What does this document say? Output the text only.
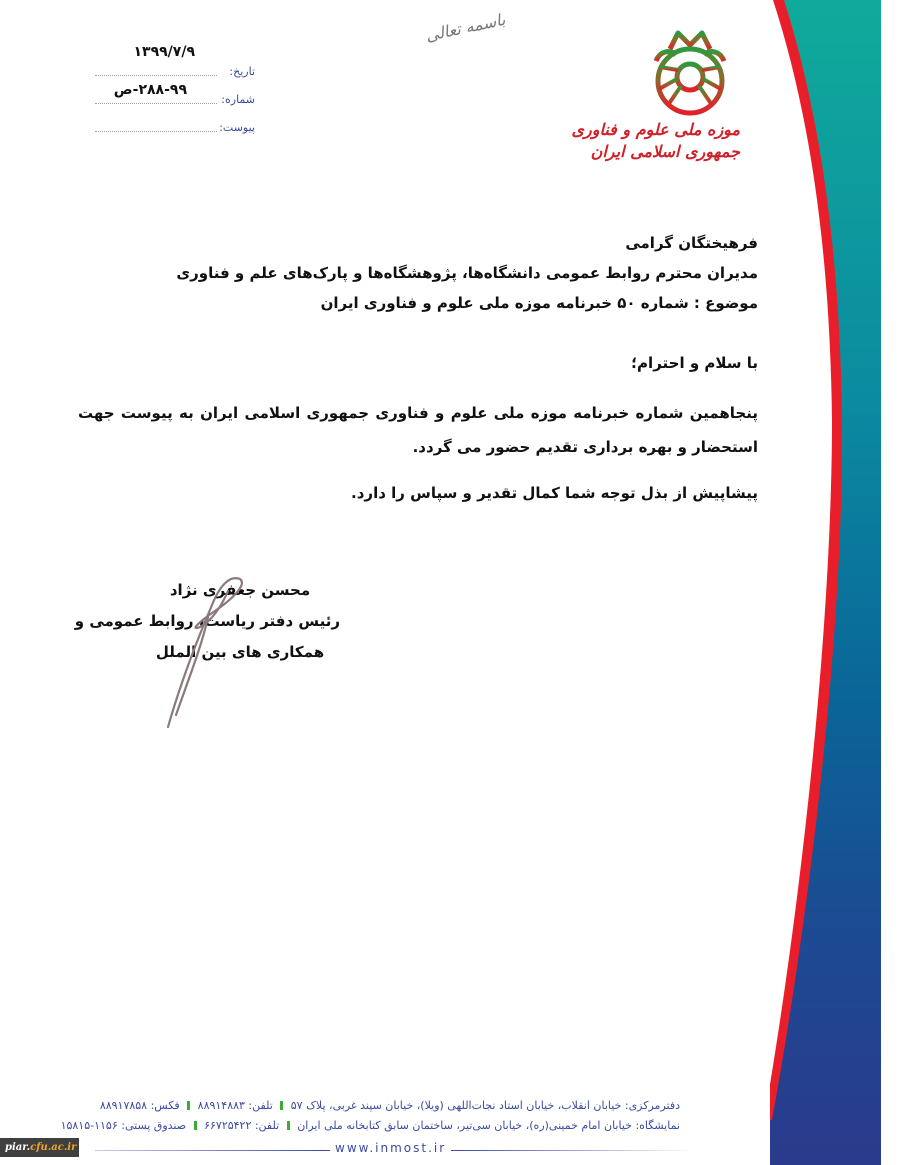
باسمه تعالی
۱۳۹۹/۷/۹
تاریخ:
۲۸۸-۹۹-ص
شماره:
پیوست:	موزه ملی علوم و فناوری
جمهوری اسلامی ایران
فرهیختگان گرامی
مدیران محترم روابط عمومی دانشگاه‌ها، پژوهشگاه‌ها و پارک‌های علم و فناوری
موضوع : شماره ۵۰ خبرنامه موزه ملی علوم و فناوری ایران
با سلام و احترام؛
پنجاهمین شماره خبرنامه موزه ملی علوم و فناوری جمهوری اسلامی ایران به پیوست جهت استحضار و بهره برداری تقدیم حضور می گردد.
پیشاپیش از بذل توجه شما کمال تقدیر و سپاس را دارد.
محسن جعفری نژاد
رئیس دفتر ریاست، روابط عمومی و
همکاری های بین الملل
دفترمرکزی: خیابان انقلاب، خیابان استاد نجات‌اللهی (ویلا)، خیابان سپند غربی، پلاک ۵۷  تلفن: ۸۸۹۱۴۸۸۳  فکس: ۸۸۹۱۷۸۵۸
نمایشگاه: خیابان امام خمینی(ره)، خیابان سی‌تیر، ساختمان سابق کتابخانه ملی ایران  تلفن: ۶۶۷۲۵۴۲۲  صندوق پستی: ۱۱۵۶-۱۵۸۱۵
www.inmost.ir
piar.cfu.ac.ir
